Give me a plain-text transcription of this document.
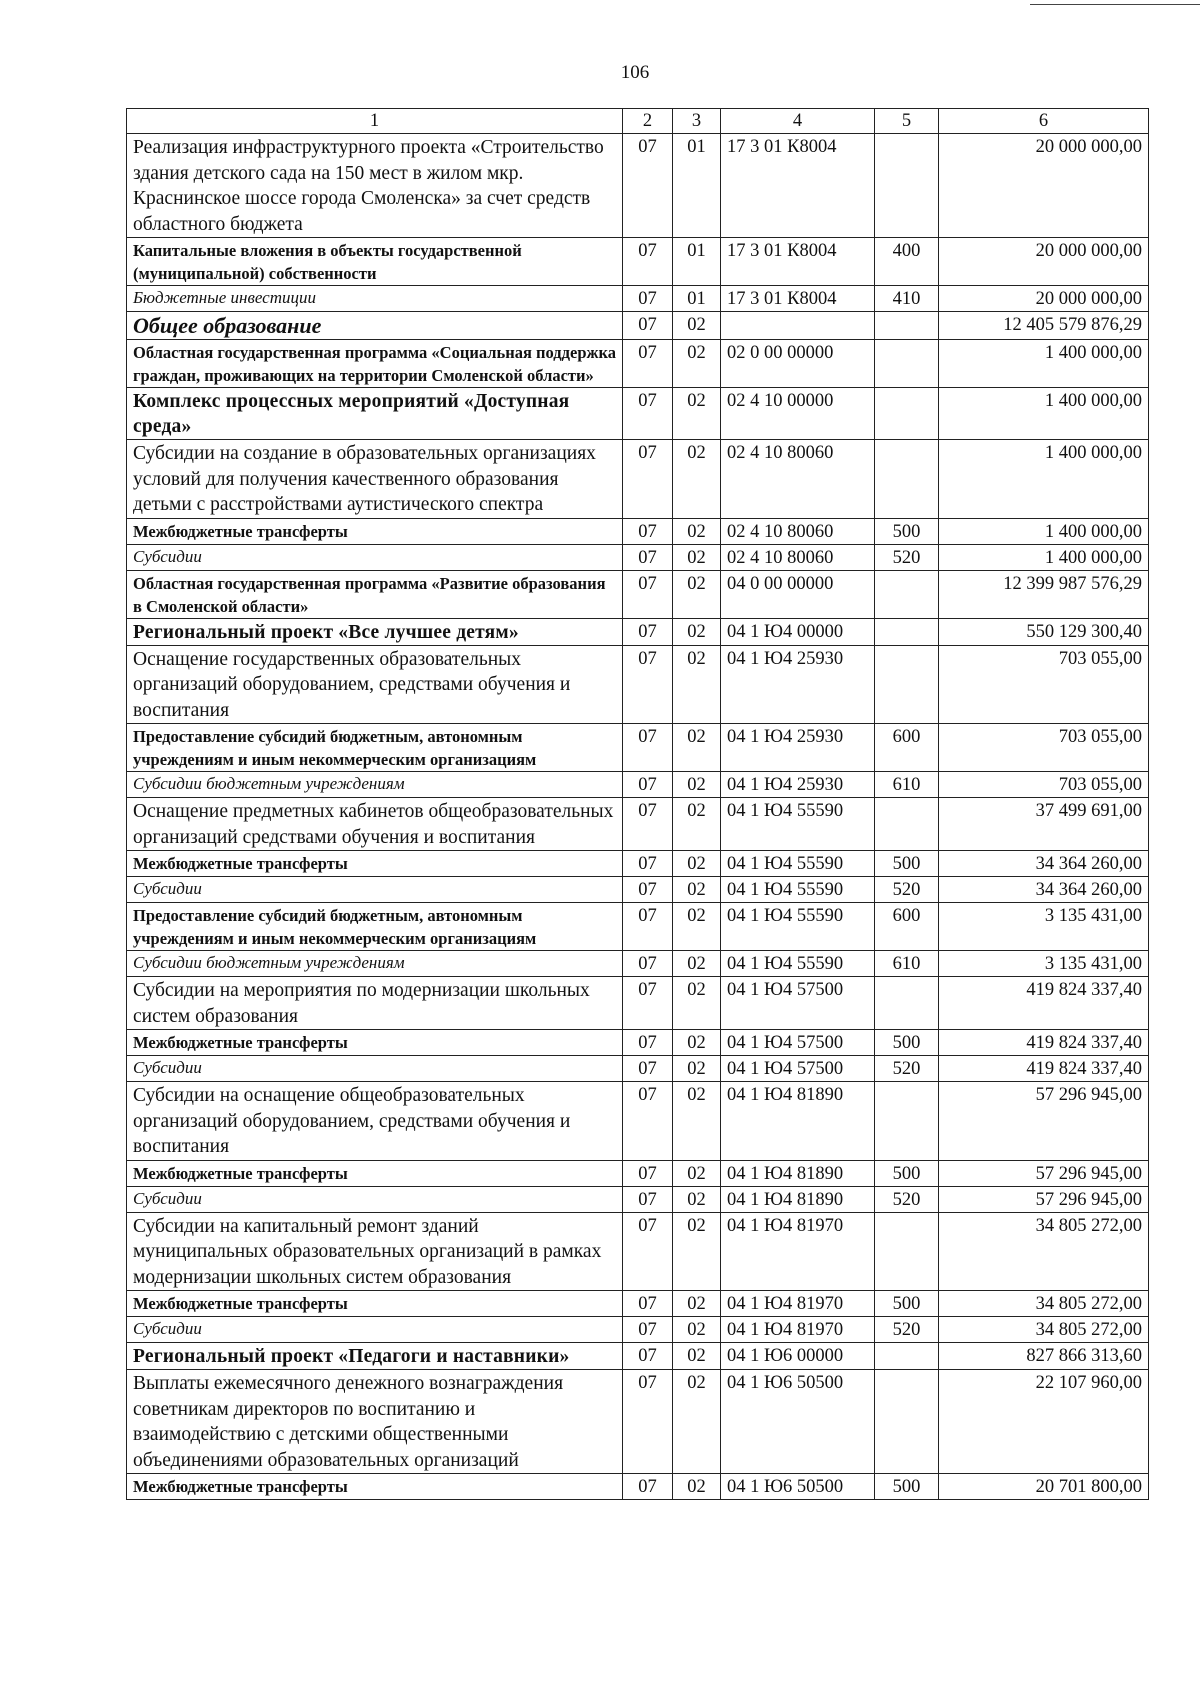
106
1	2	3	4	5	6
Реализация инфраструктурного проекта «Строительство здания детского сада на 150 мест в жилом мкр. Краснинское шоссе города Смоленска» за счет средств областного бюджета	07	01	17 3 01 К8004		20 000 000,00
Капитальные вложения в объекты государственной (муниципальной) собственности	07	01	17 3 01 К8004	400	20 000 000,00
Бюджетные инвестиции	07	01	17 3 01 К8004	410	20 000 000,00
Общее образование	07	02			12 405 579 876,29
Областная государственная программа «Социальная поддержка граждан, проживающих на территории Смоленской области»	07	02	02 0 00 00000		1 400 000,00
Комплекс процессных мероприятий «Доступная среда»	07	02	02 4 10 00000		1 400 000,00
Субсидии на создание в образовательных организациях условий для получения качественного образования детьми с расстройствами аутистического спектра	07	02	02 4 10 80060		1 400 000,00
Межбюджетные трансферты	07	02	02 4 10 80060	500	1 400 000,00
Субсидии	07	02	02 4 10 80060	520	1 400 000,00
Областная государственная программа «Развитие образования в Смоленской области»	07	02	04 0 00 00000		12 399 987 576,29
Региональный проект «Все лучшее детям»	07	02	04 1 Ю4 00000		550 129 300,40
Оснащение государственных образовательных организаций оборудованием, средствами обучения и воспитания	07	02	04 1 Ю4 25930		703 055,00
Предоставление субсидий бюджетным, автономным учреждениям и иным некоммерческим организациям	07	02	04 1 Ю4 25930	600	703 055,00
Субсидии бюджетным учреждениям	07	02	04 1 Ю4 25930	610	703 055,00
Оснащение предметных кабинетов общеобразовательных организаций средствами обучения и воспитания	07	02	04 1 Ю4 55590		37 499 691,00
Межбюджетные трансферты	07	02	04 1 Ю4 55590	500	34 364 260,00
Субсидии	07	02	04 1 Ю4 55590	520	34 364 260,00
Предоставление субсидий бюджетным, автономным учреждениям и иным некоммерческим организациям	07	02	04 1 Ю4 55590	600	3 135 431,00
Субсидии бюджетным учреждениям	07	02	04 1 Ю4 55590	610	3 135 431,00
Субсидии на мероприятия по модернизации школьных систем образования	07	02	04 1 Ю4 57500		419 824 337,40
Межбюджетные трансферты	07	02	04 1 Ю4 57500	500	419 824 337,40
Субсидии	07	02	04 1 Ю4 57500	520	419 824 337,40
Субсидии на оснащение общеобразовательных организаций оборудованием, средствами обучения и воспитания	07	02	04 1 Ю4 81890		57 296 945,00
Межбюджетные трансферты	07	02	04 1 Ю4 81890	500	57 296 945,00
Субсидии	07	02	04 1 Ю4 81890	520	57 296 945,00
Субсидии на капитальный ремонт зданий муниципальных образовательных организаций в рамках модернизации школьных систем образования	07	02	04 1 Ю4 81970		34 805 272,00
Межбюджетные трансферты	07	02	04 1 Ю4 81970	500	34 805 272,00
Субсидии	07	02	04 1 Ю4 81970	520	34 805 272,00
Региональный проект «Педагоги и наставники»	07	02	04 1 Ю6 00000		827 866 313,60
Выплаты ежемесячного денежного вознаграждения советникам директоров по воспитанию и взаимодействию с детскими общественными объединениями образовательных организаций	07	02	04 1 Ю6 50500		22 107 960,00
Межбюджетные трансферты	07	02	04 1 Ю6 50500	500	20 701 800,00
